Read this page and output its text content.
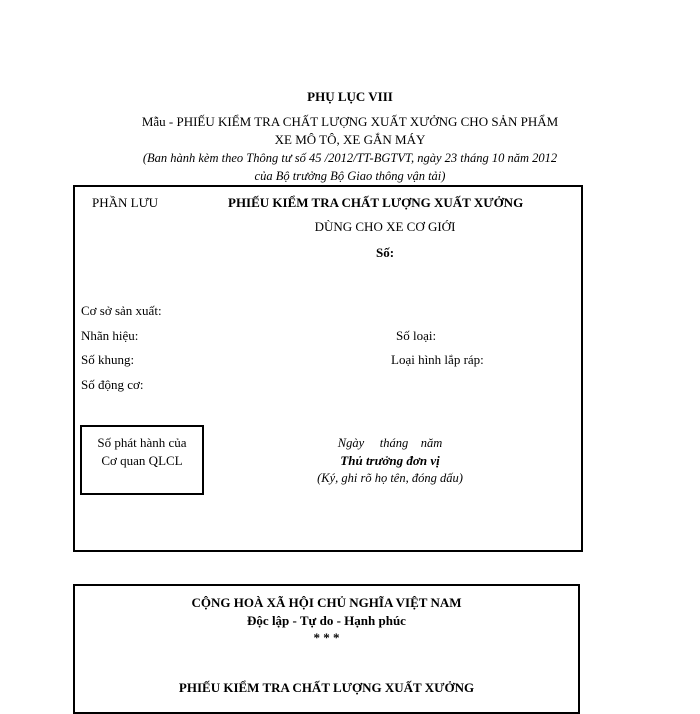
PHỤ LỤC VIII
Mẫu - PHIẾU KIỂM TRA CHẤT LƯỢNG XUẤT XƯỞNG CHO SẢN PHẨM
XE MÔ TÔ, XE GẮN MÁY
(Ban hành kèm theo Thông tư số 45 /2012/TT-BGTVT, ngày 23 tháng 10 năm 2012
của Bộ trưởng Bộ Giao thông vận tải)
PHẦN LƯU	PHIẾU KIỂM TRA CHẤT LƯỢNG XUẤT XƯỞNG
DÙNG CHO XE CƠ GIỚI
Số:
Cơ sở sản xuất:
Nhãn hiệu:	Số loại:
Số khung:	Loại hình lắp ráp:
Số động cơ:
Số phát hành của
Cơ quan QLCL
Ngày     tháng    năm
Thủ trưởng đơn vị
(Ký, ghi rõ họ tên, đóng dấu)
CỘNG HOÀ XÃ HỘI CHỦ NGHĨA VIỆT NAM
Độc lập - Tự do - Hạnh phúc
* * *
PHIẾU KIỂM TRA CHẤT LƯỢNG XUẤT XƯỞNG
